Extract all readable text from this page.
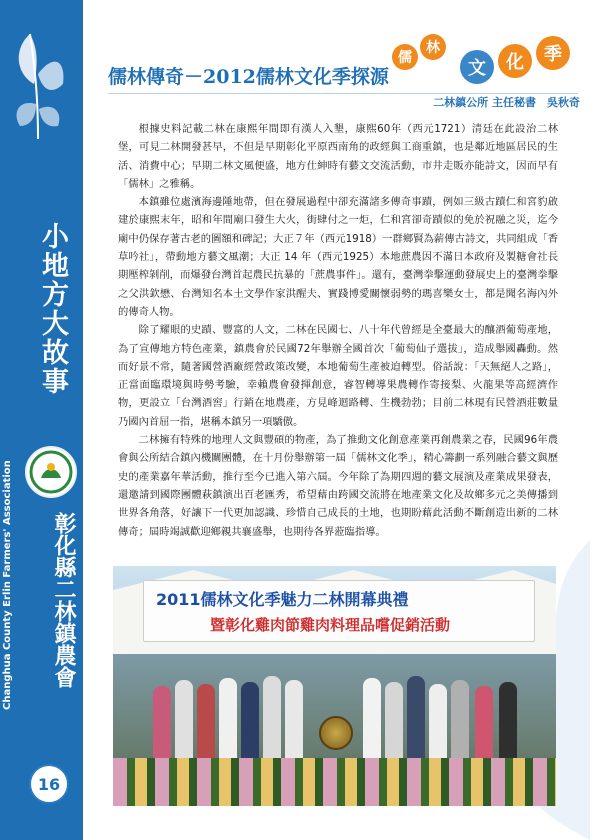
小地方大故事
Changhua County Erlin Farmers' Association	彰化縣二林鎮農會
16
儒林傳奇－2012儒林文化季探源
儒
林
文	化	季
二林鎮公所 主任秘書　吳秋奇

根據史料記載二林在康熙年間即有漢人入墾，康熙60年（西元1721）清廷在此設治二林堡，可見二林開發甚早，不但是早期彰化平原西南角的政經與工商重鎮，也是鄰近地區居民的生活、消費中心；早期二林文風便盛，地方仕紳時有藝文交流活動，市井走販亦能詩文，因而早有「儒林」之雅稱。

本鎮雖位處濱海邊陲地帶，但在發展過程中卻充滿諸多傳奇事蹟，例如三級古蹟仁和宮豹啟建於康熙末年，昭和年間廟口發生大火，街肆付之一炬，仁和宮卻奇蹟似的免於祝融之災，迄今廟中仍保存著古老的圖額和碑記；大正７年（西元1918）一群鄉賢為薪傳古詩文，共同組成「香草吟社」，帶動地方藝文風潮；大正 14 年（西元1925）本地蔗農因不滿日本政府及製糖會社長期壓榨剝削，而爆發台灣首起農民抗暴的「蔗農事件」。還有，臺灣拳擊運動發展史上的臺灣拳擊之父洪欽懋、台灣知名本土文學作家洪醒夫、實踐博愛關懷弱勢的瑪喜樂女士，都是聞名海內外的傳奇人物。

除了耀眼的史蹟、豐富的人文，二林在民國七、八十年代曾經是全臺最大的釀酒葡萄產地，為了宣傳地方特色產業，鎮農會於民國72年舉辦全國首次「葡萄仙子選拔」，造成舉國轟動。然而好景不常，隨著國營酒廠經營政策改變，本地葡萄生產被迫轉型。俗話說：「天無絕人之路」，正當面臨環境與時勢考驗，幸賴農會發揮創意，睿智轉導果農轉作寄接梨、火龍果等高經濟作物，更設立「台灣酒窖」行銷在地農產，方見峰迴路轉、生機勃勃；目前二林現有民營酒莊數量乃國內首屈一指，堪稱本鎮另一項驕傲。

二林擁有特殊的地理人文與豐碩的物產，為了推動文化創意產業再創農業之春，民國96年農會與公所結合鎮內機關團體，在十月份舉辦第一屆「儒林文化季」，精心籌劃一系列融合藝文與歷史的產業嘉年華活動，推行至今已進入第六屆。今年除了為期四週的藝文展演及產業成果發表，還邀請到國際團體萩鎮演出百老匯秀，希望藉由跨國交流將在地產業文化及故鄉多元之美傳播到世界各角落，好讓下一代更加認識、珍惜自己成長的土地，也期盼藉此活動不斷創造出新的二林傳奇；屆時竭誠歡迎鄉親共襄盛舉，也期待各界蒞臨指導。

2011儒林文化季魅力二林開幕典禮
暨彰化雞肉節雞肉料理品嚐促銷活動
